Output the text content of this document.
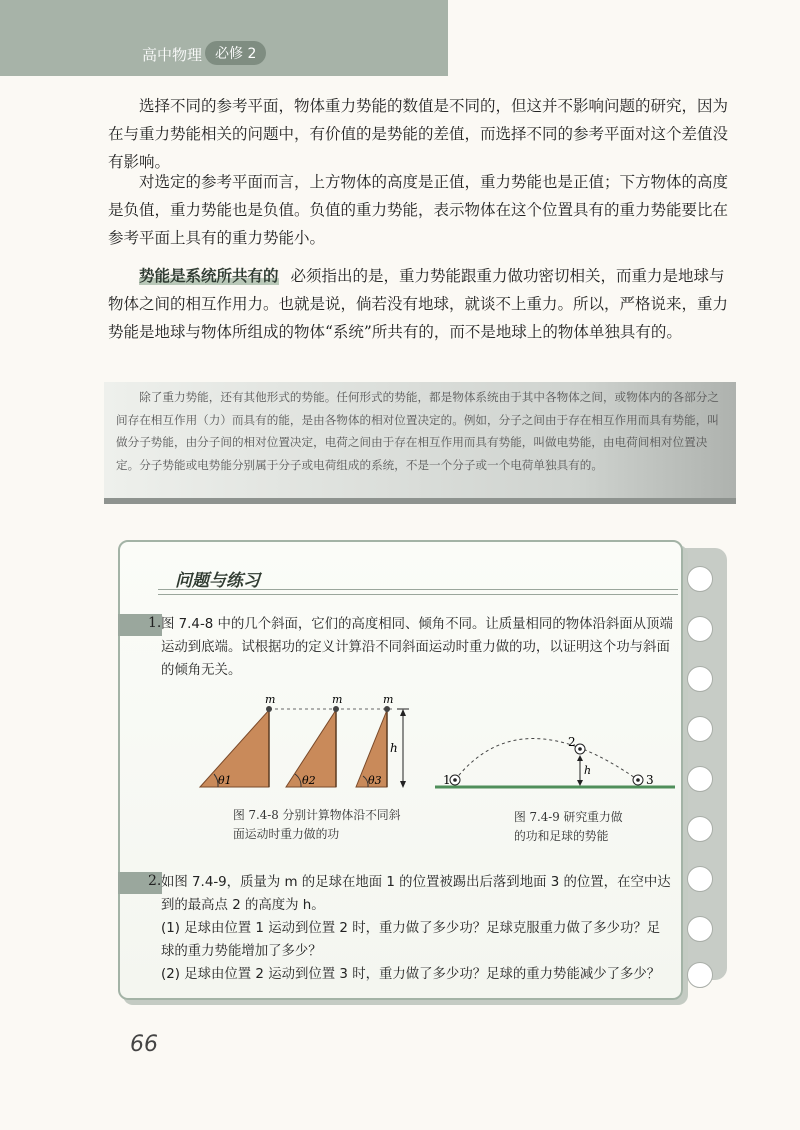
高中物理 必修 2

选择不同的参考平面，物体重力势能的数值是不同的，但这并不影响问题的研究，因为在与重力势能相关的问题中，有价值的是势能的差值，而选择不同的参考平面对这个差值没有影响。

对选定的参考平面而言，上方物体的高度是正值，重力势能也是正值；下方物体的高度是负值，重力势能也是负值。负值的重力势能，表示物体在这个位置具有的重力势能要比在参考平面上具有的重力势能小。

势能是系统所共有的 必须指出的是，重力势能跟重力做功密切相关，而重力是地球与物体之间的相互作用力。也就是说，倘若没有地球，就谈不上重力。所以，严格说来，重力势能是地球与物体所组成的物体“系统”所共有的，而不是地球上的物体单独具有的。

除了重力势能，还有其他形式的势能。任何形式的势能，都是物体系统由于其中各物体之间，或物体内的各部分之间存在相互作用（力）而具有的能，是由各物体的相对位置决定的。例如，分子之间由于存在相互作用而具有势能，叫做分子势能，由分子间的相对位置决定，电荷之间由于存在相互作用而具有势能，叫做电势能，由电荷间相对位置决定。分子势能或电势能分别属于分子或电荷组成的系统，不是一个分子或一个电荷单独具有的。

问题与练习
1. 图 7.4-8 中的几个斜面，它们的高度相同、倾角不同。让质量相同的物体沿斜面从顶端运动到底端。试根据功的定义计算沿不同斜面运动时重力做的功，以证明这个功与斜面的倾角无关。

m
θ1
m
θ2
m
θ3
h
1
2
3
h
图 7.4-8 分别计算物体沿不同斜面运动时重力做的功
图 7.4-9 研究重力做的功和足球的势能
2. 如图 7.4-9，质量为 m 的足球在地面 1 的位置被踢出后落到地面 3 的位置，在空中达到的最高点 2 的高度为 h。
(1) 足球由位置 1 运动到位置 2 时，重力做了多少功？足球克服重力做了多少功？足球的重力势能增加了多少？
(2) 足球由位置 2 运动到位置 3 时，重力做了多少功？足球的重力势能减少了多少？
66
